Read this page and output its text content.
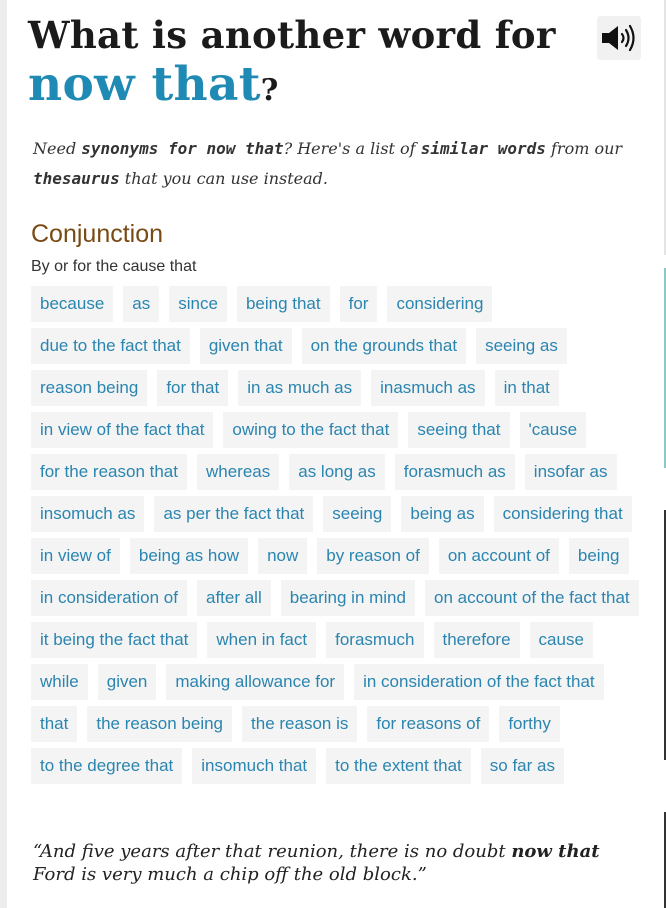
What is another word for
now that?

Need synonyms for now that? Here's a list of similar words from our thesaurus that you can use instead.

Conjunction
By or for the cause that
because	as	since	being that	for	considering
due to the fact that	given that	on the grounds that	seeing as
reason being	for that	in as much as	inasmuch as	in that
in view of the fact that	owing to the fact that	seeing that	'cause
for the reason that	whereas	as long as	forasmuch as	insofar as
insomuch as	as per the fact that	seeing	being as	considering that
in view of	being as how	now	by reason of	on account of	being
in consideration of	after all	bearing in mind	on account of the fact that
it being the fact that	when in fact	forasmuch	therefore	cause
while	given	making allowance for	in consideration of the fact that
that	the reason being	the reason is	for reasons of	forthy
to the degree that	insomuch that	to the extent that	so far as

“And five years after that reunion, there is no doubt now that Ford is very much a chip off the old block.”
